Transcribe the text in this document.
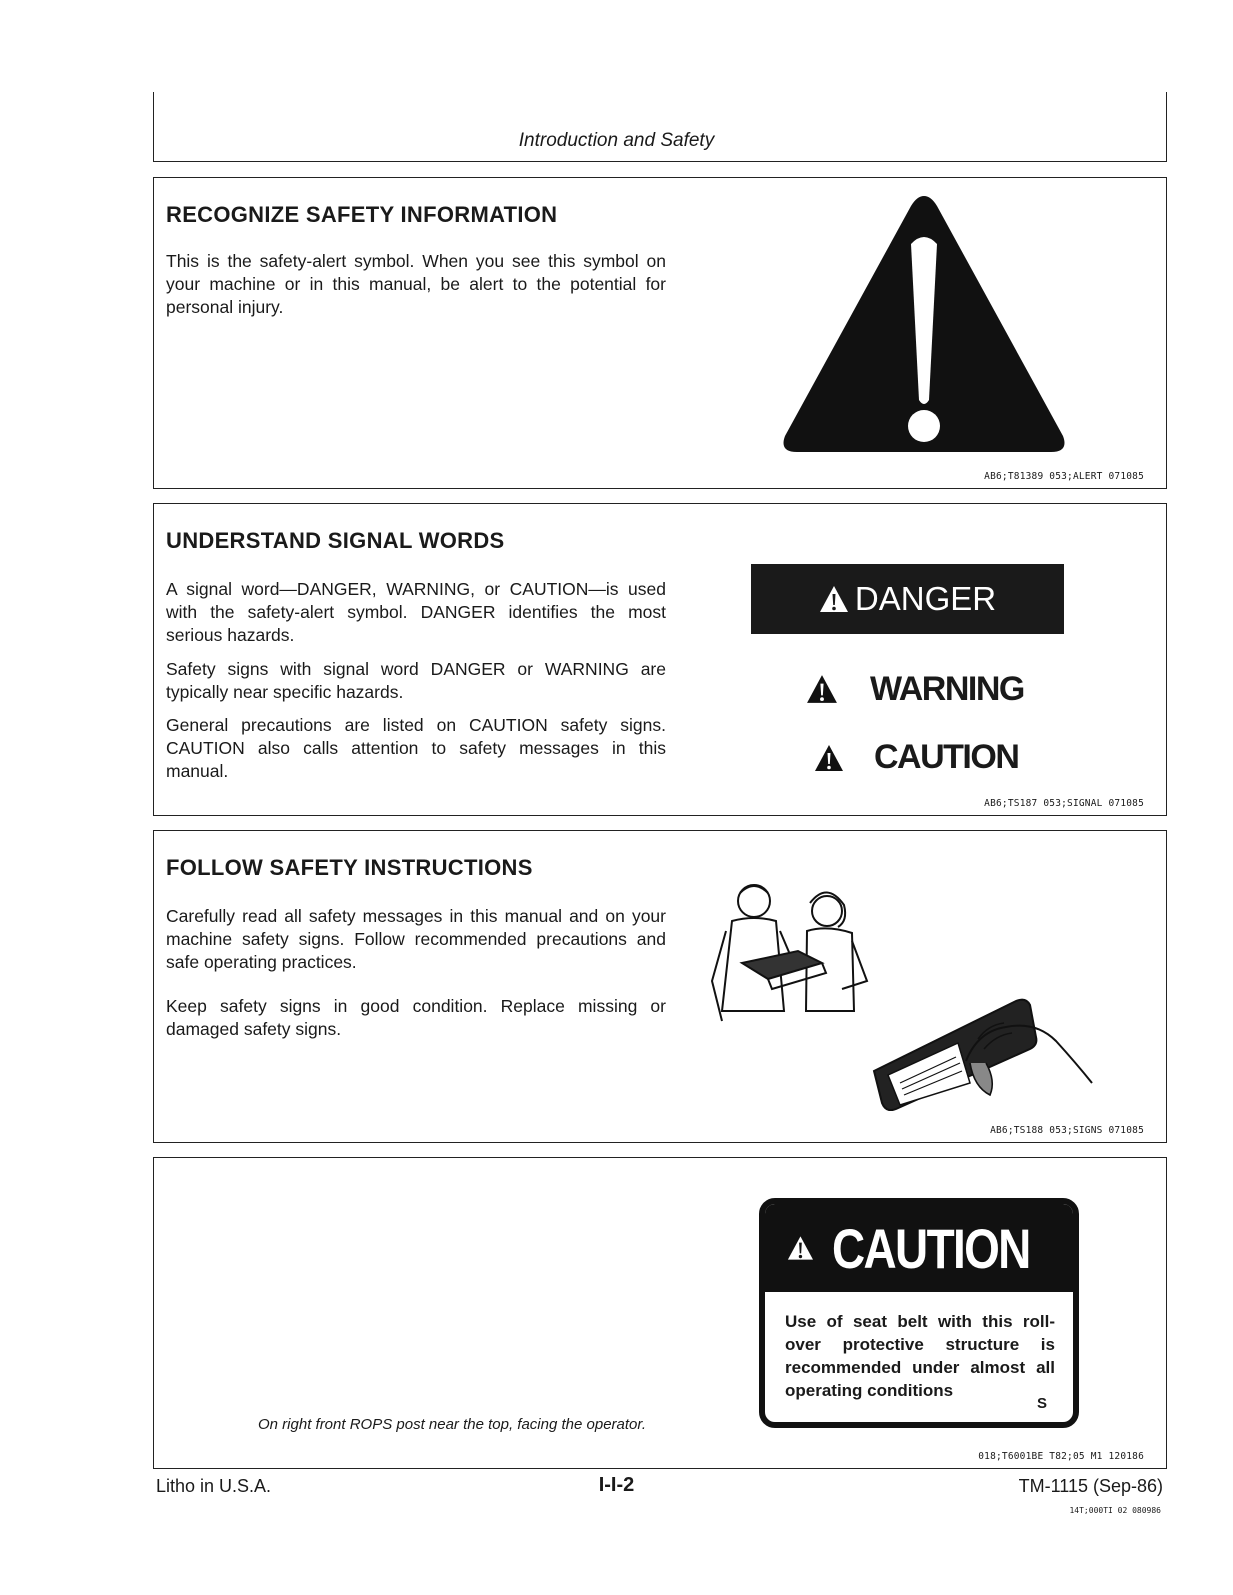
Introduction and Safety
RECOGNIZE SAFETY INFORMATION

This is the safety-alert symbol. When you see this symbol on your machine or in this manual, be alert to the potential for personal injury.

AB6;T81389 053;ALERT 071085
UNDERSTAND SIGNAL WORDS

A signal word—DANGER, WARNING, or CAUTION—is used with the safety-alert symbol. DANGER identifies the most serious hazards.

Safety signs with signal word DANGER or WARNING are typically near specific hazards.

General precautions are listed on CAUTION safety signs. CAUTION also calls attention to safety messages in this manual.

DANGER
WARNING
CAUTION
AB6;TS187 053;SIGNAL 071085
FOLLOW SAFETY INSTRUCTIONS

Carefully read all safety messages in this manual and on your machine safety signs. Follow recommended precautions and safe operating practices.

Keep safety signs in good condition. Replace missing or damaged safety signs.

AB6;TS188 053;SIGNS 071085
On right front ROPS post near the top, facing the operator.
CAUTION
Use of seat belt with this roll-over protective structure is recommended under almost all operating conditions
S
018;T6001BE T82;05 M1 120186
Litho in U.S.A.	I-I-2	TM-1115 (Sep-86)
14T;000TI 02 080986
